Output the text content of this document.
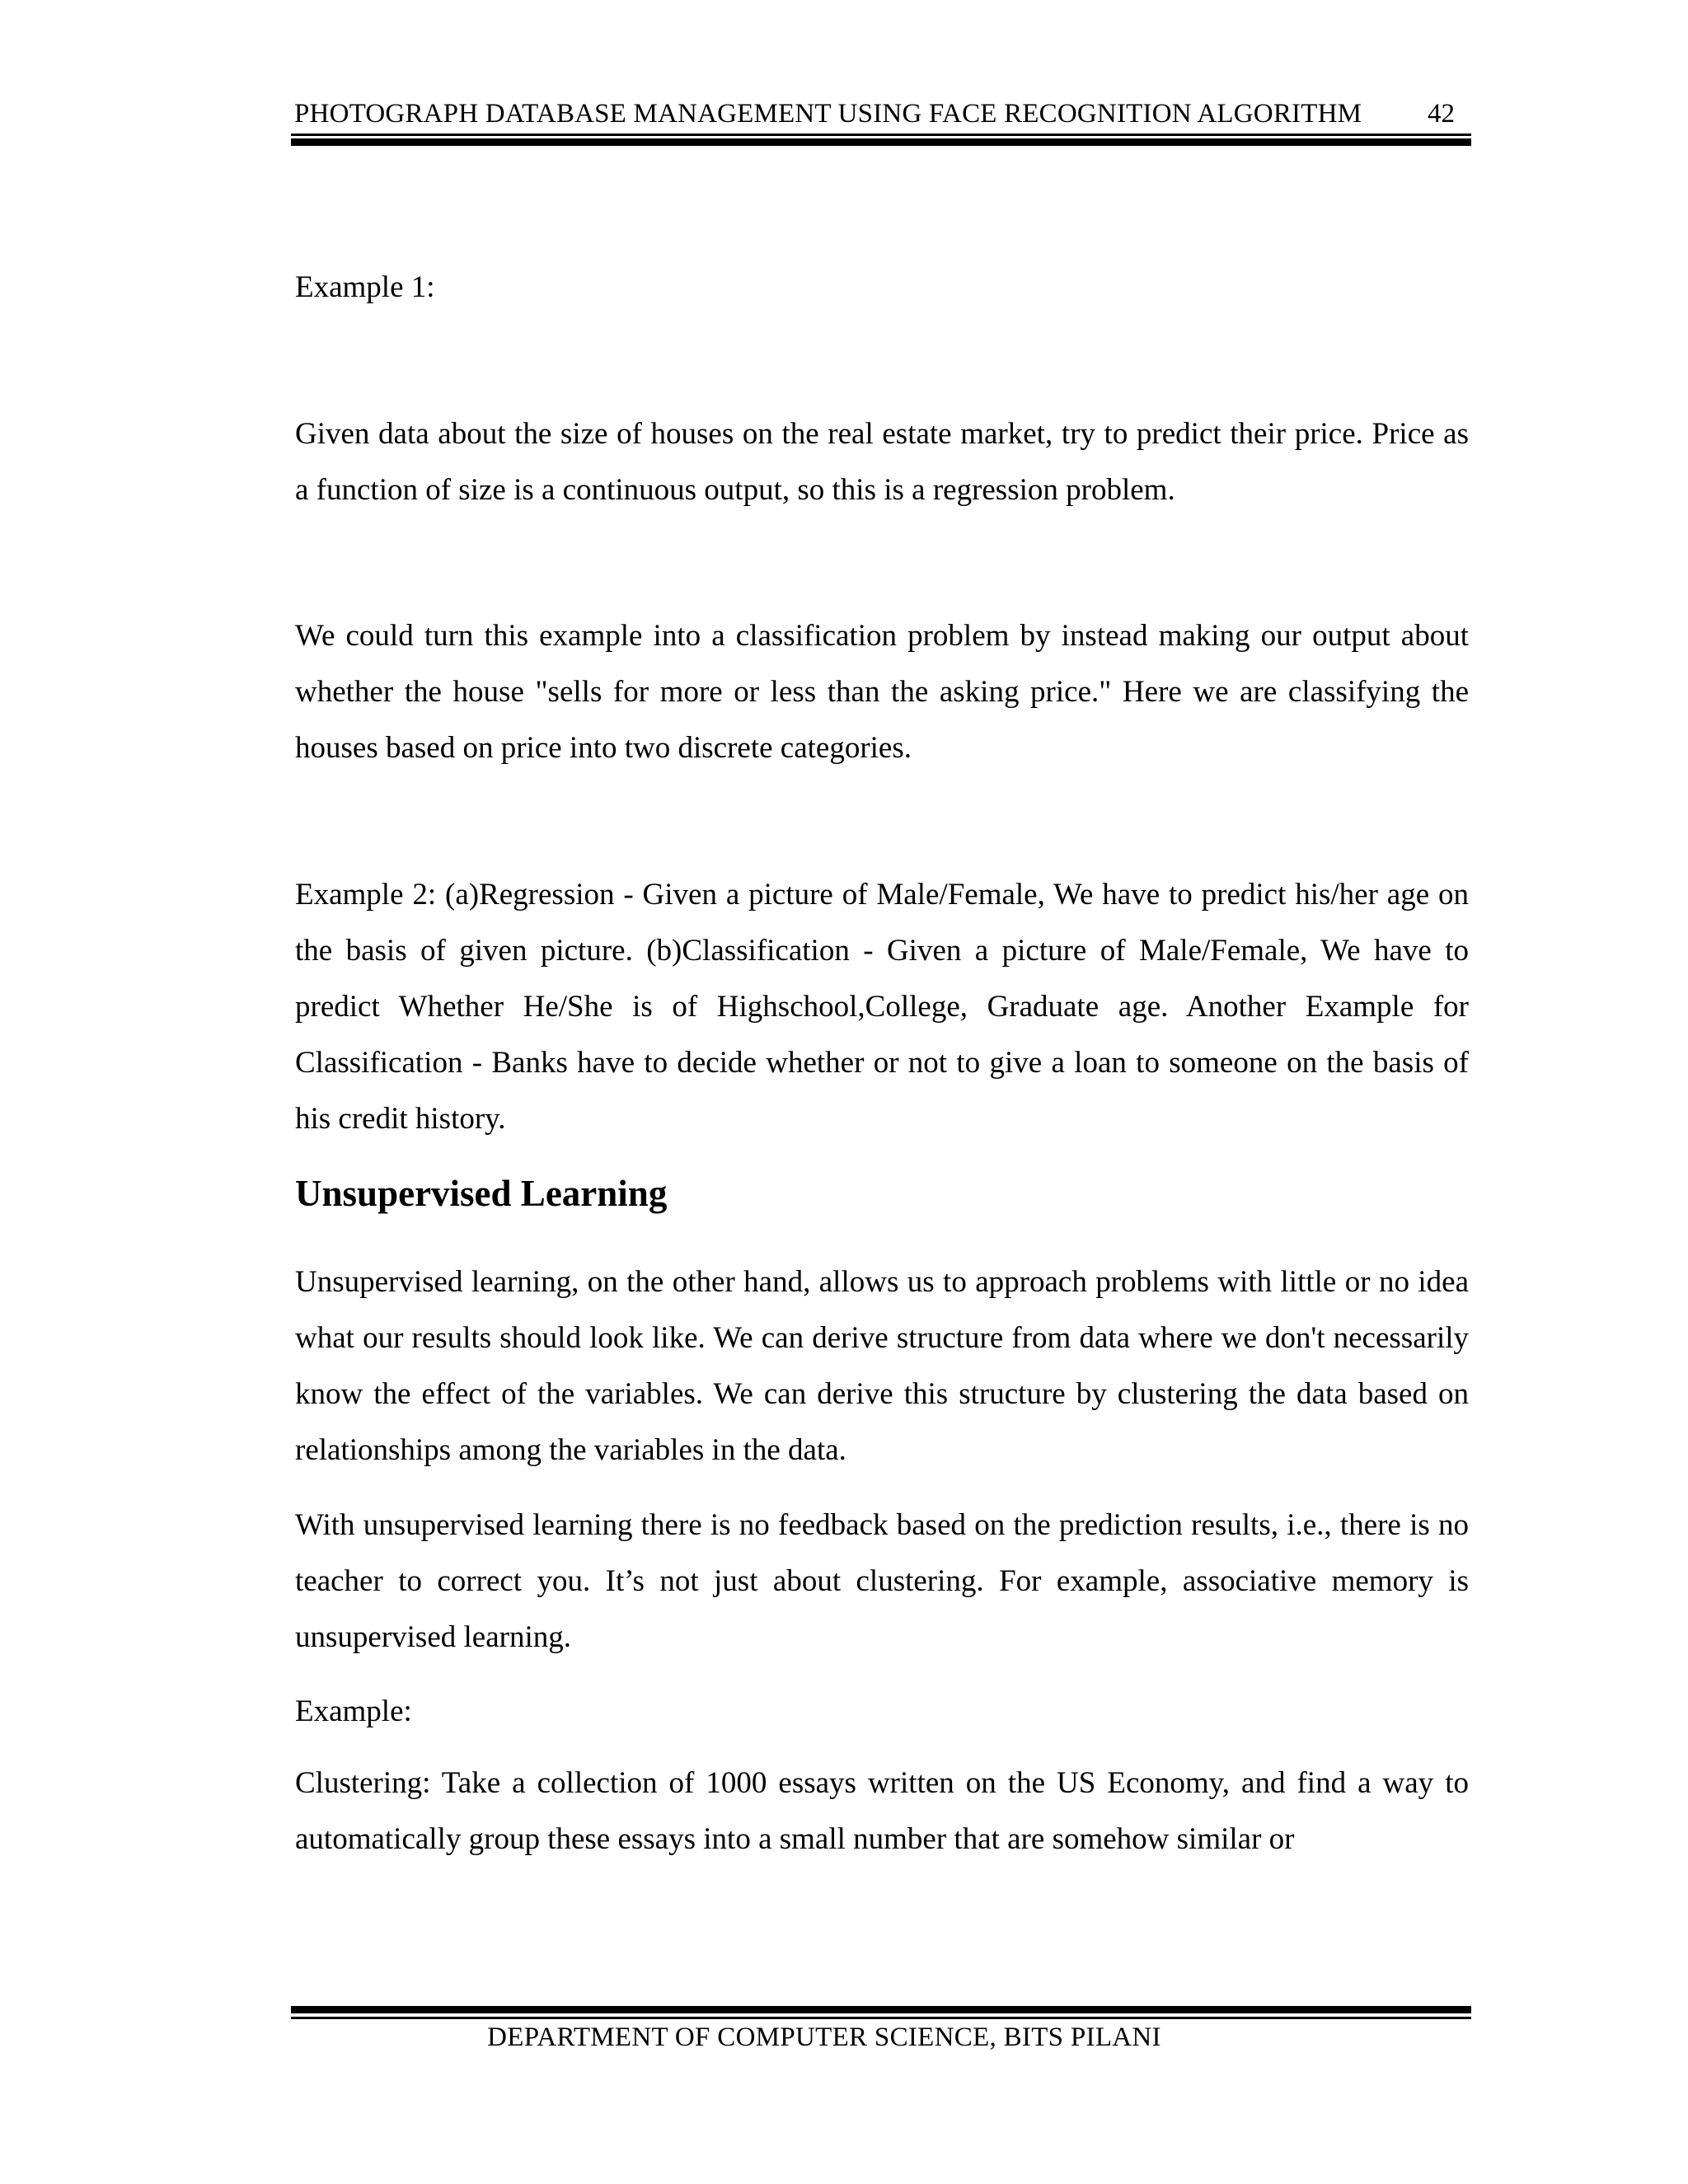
PHOTOGRAPH DATABASE MANAGEMENT USING FACE RECOGNITION ALGORITHM 42

Example 1:

Given data about the size of houses on the real estate market, try to predict their price. Price as a function of size is a continuous output, so this is a regression problem.

We could turn this example into a classification problem by instead making our output about whether the house "sells for more or less than the asking price." Here we are classifying the houses based on price into two discrete categories.

Example 2: (a)Regression - Given a picture of Male/Female, We have to predict his/her age on the basis of given picture. (b)Classification - Given a picture of Male/Female, We have to predict Whether He/She is of Highschool,College, Graduate age. Another Example for Classification - Banks have to decide whether or not to give a loan to someone on the basis of his credit history.

Unsupervised Learning

Unsupervised learning, on the other hand, allows us to approach problems with little or no idea what our results should look like. We can derive structure from data where we don't necessarily know the effect of the variables. We can derive this structure by clustering the data based on relationships among the variables in the data.

With unsupervised learning there is no feedback based on the prediction results, i.e., there is no teacher to correct you. It’s not just about clustering. For example, associative memory is unsupervised learning.

Example:

Clustering: Take a collection of 1000 essays written on the US Economy, and find a way to automatically group these essays into a small number that are somehow similar or

DEPARTMENT OF COMPUTER SCIENCE, BITS PILANI
